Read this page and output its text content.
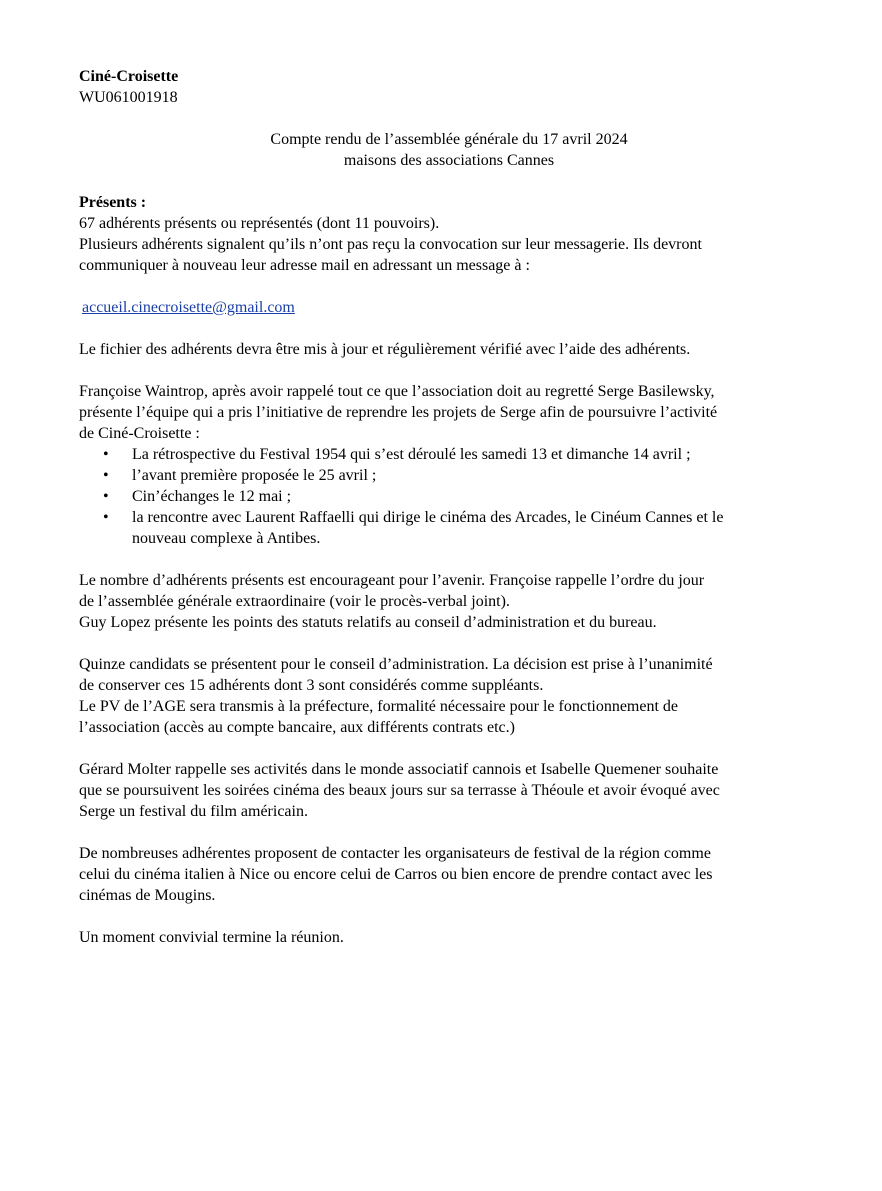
Ciné-Croisette
WU061001918
Compte rendu de l’assemblée générale du 17 avril 2024
maisons des associations Cannes
Présents :
67 adhérents présents ou représentés (dont 11 pouvoirs).
Plusieurs adhérents signalent qu’ils n’ont pas reçu la convocation sur leur messagerie. Ils devront
communiquer à nouveau leur adresse mail en adressant un message à :
accueil.cinecroisette@gmail.com
Le fichier des adhérents devra être mis à jour et régulièrement vérifié avec l’aide des adhérents.
Françoise Waintrop, après avoir rappelé tout ce que l’association doit au regretté Serge Basilewsky,
présente l’équipe qui a pris l’initiative de reprendre les projets de Serge afin de poursuivre l’activité
de Ciné-Croisette :
• La rétrospective du Festival 1954 qui s’est déroulé les samedi 13 et dimanche 14 avril ;
• l’avant première proposée le 25 avril ;
• Cin’échanges le 12 mai ;
• la rencontre avec Laurent Raffaelli qui dirige le cinéma des Arcades, le Cinéum Cannes et le
nouveau complexe à Antibes.
Le nombre d’adhérents présents est encourageant pour l’avenir. Françoise rappelle l’ordre du jour
de l’assemblée générale extraordinaire (voir le procès-verbal joint).
Guy Lopez présente les points des statuts relatifs au conseil d’administration et du bureau.
Quinze candidats se présentent pour le conseil d’administration. La décision est prise à l’unanimité
de conserver ces 15 adhérents dont 3 sont considérés comme suppléants.
Le PV de l’AGE sera transmis à la préfecture, formalité nécessaire pour le fonctionnement de
l’association (accès au compte bancaire, aux différents contrats etc.)
Gérard Molter rappelle ses activités dans le monde associatif cannois et Isabelle Quemener souhaite
que se poursuivent les soirées cinéma des beaux jours sur sa terrasse à Théoule et avoir évoqué avec
Serge un festival du film américain.
De nombreuses adhérentes proposent de contacter les organisateurs de festival de la région comme
celui du cinéma italien à Nice ou encore celui de Carros ou bien encore de prendre contact avec les
cinémas de Mougins.
Un moment convivial termine la réunion.
